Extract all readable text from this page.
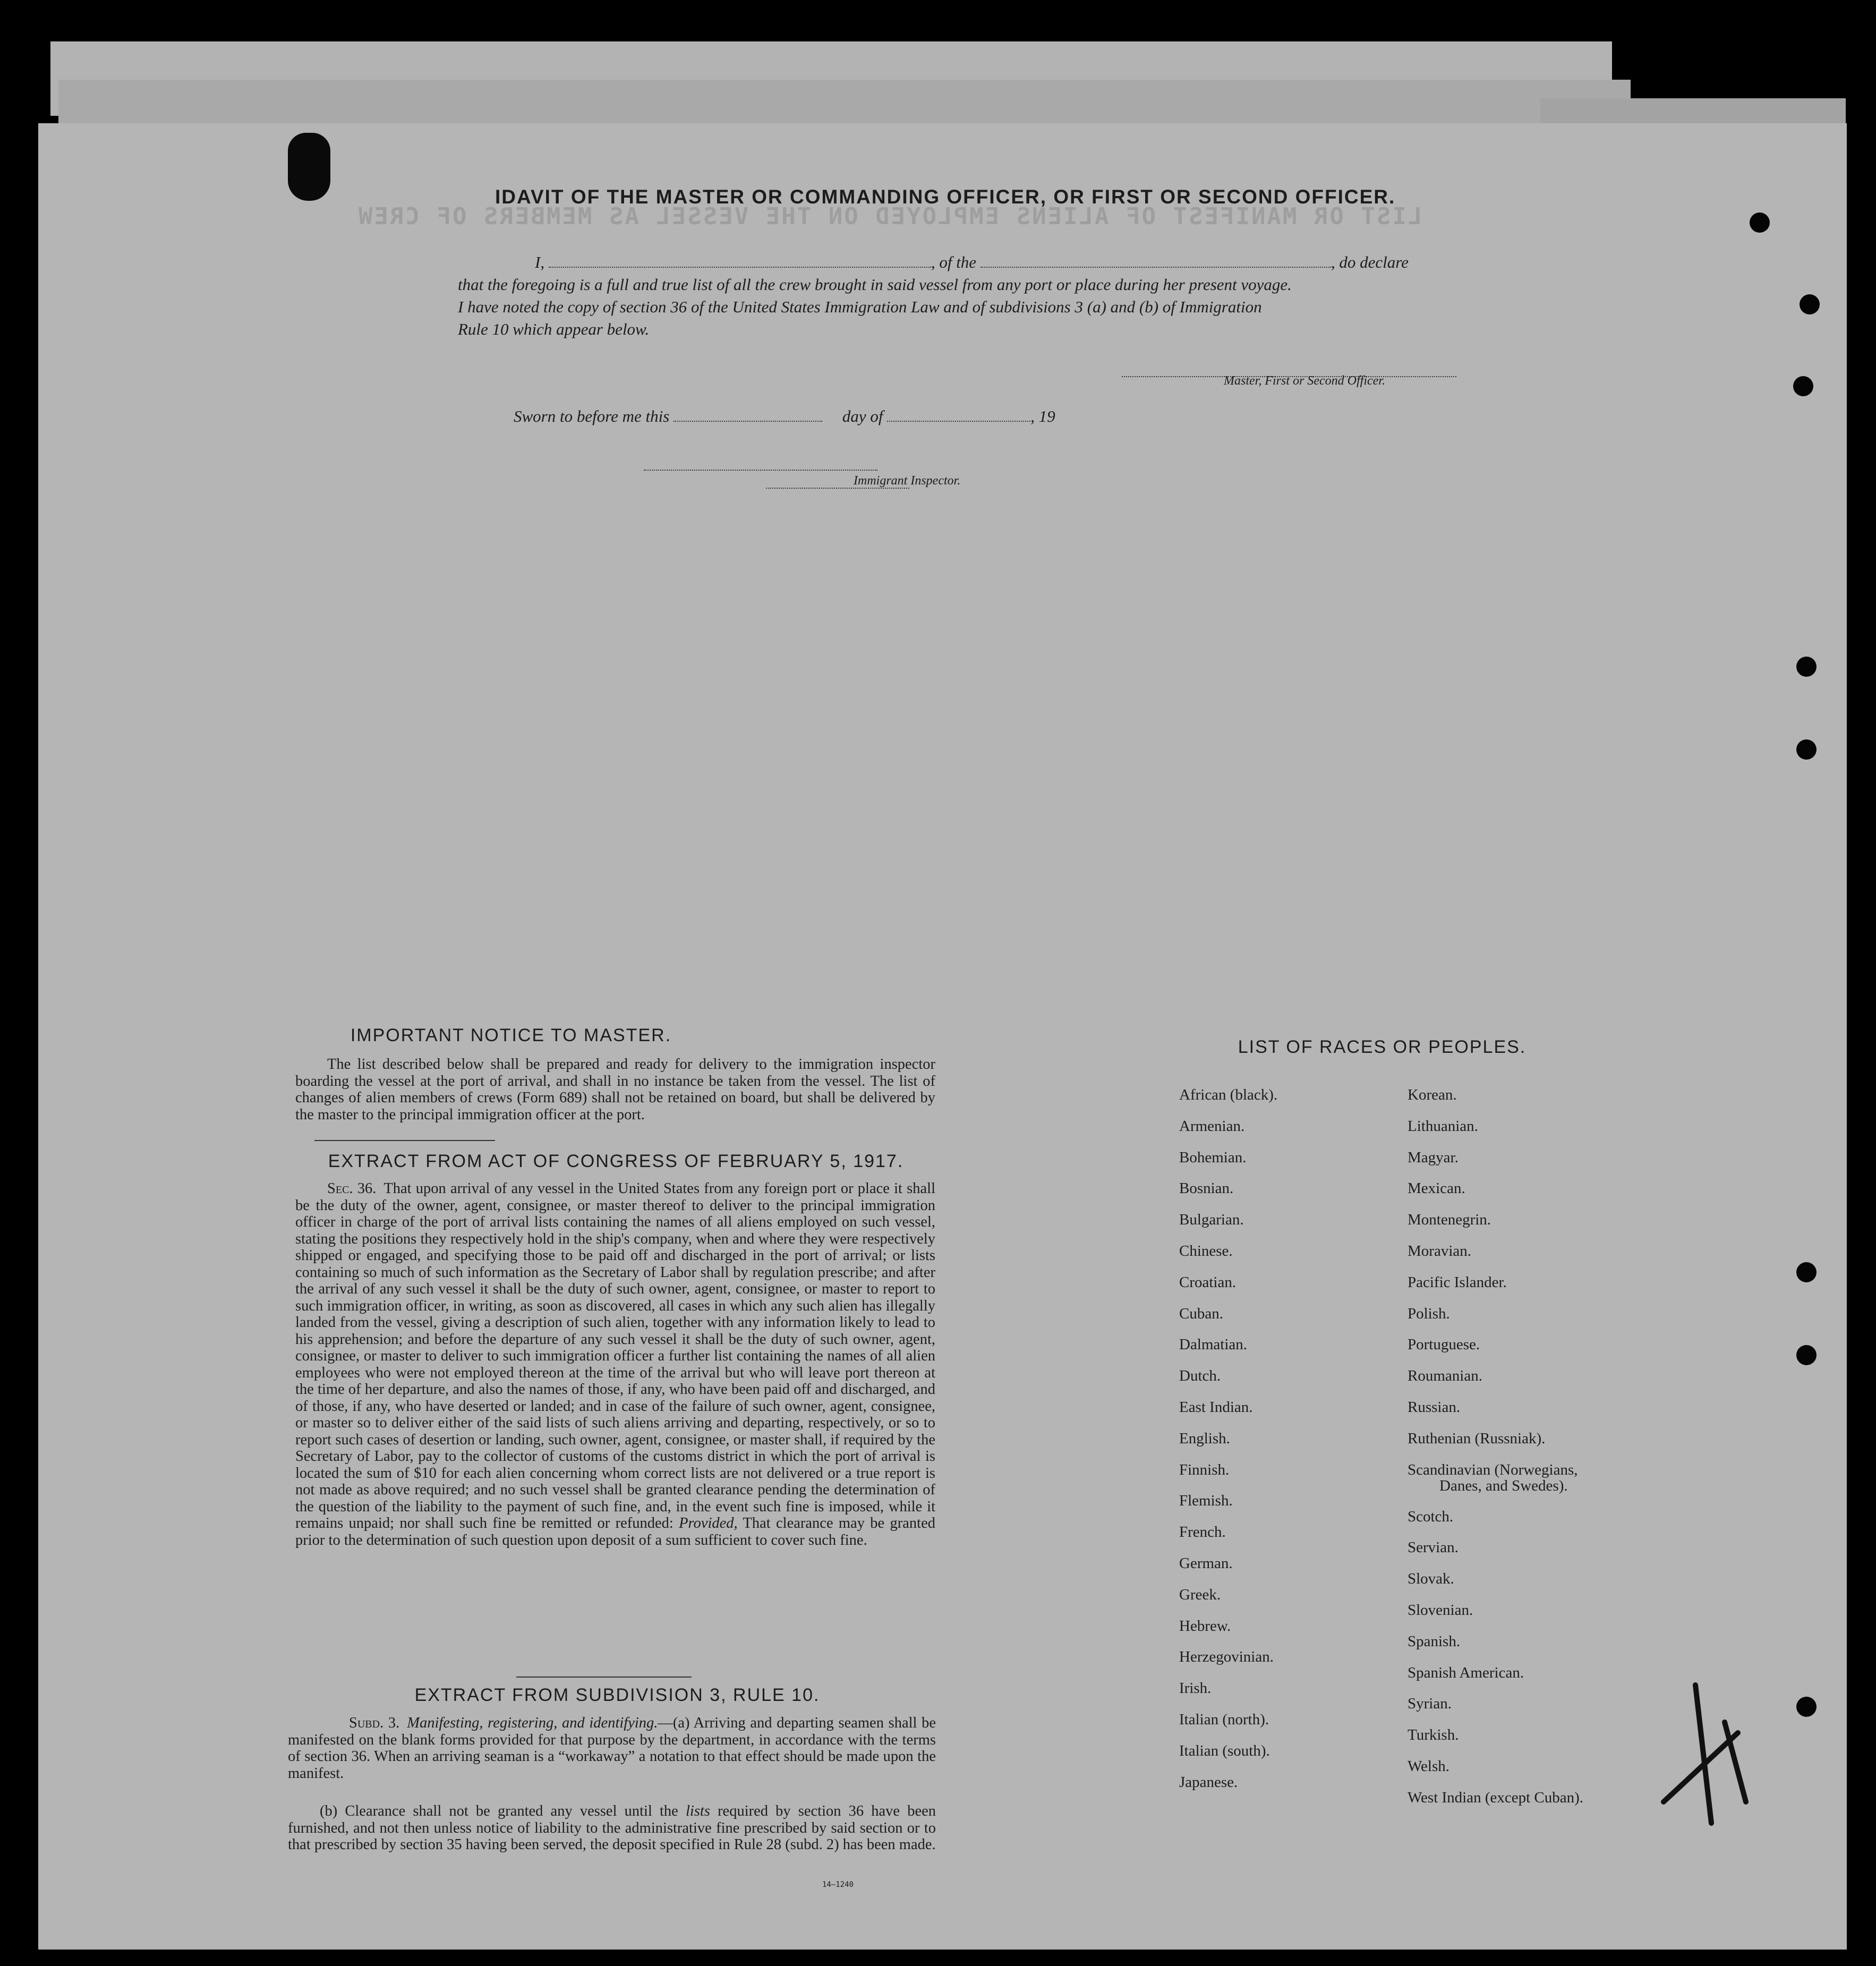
LIST OR MANIFEST OF ALIENS EMPLOYED ON THE VESSEL AS MEMBERS OF CREW
IDAVIT OF THE MASTER OR COMMANDING OFFICER, OR FIRST OR SECOND OFFICER.
I,	, of the	, do declare
that the foregoing is a full and true list of all the crew brought in said vessel from any port or place during her present voyage.
I have noted the copy of section 36 of the United States Immigration Law and of subdivisions 3 (a) and (b) of Immigration
Rule 10 which appear below.
Master, First or Second Officer.
Sworn to before me this	day of	, 19
Immigrant Inspector.
IMPORTANT NOTICE TO MASTER.
The list described below shall be prepared and ready for delivery to the immigration inspector boarding the vessel at the port of arrival, and shall in no instance be taken from the vessel. The list of changes of alien members of crews (Form 689) shall not be retained on board, but shall be delivered by the master to the principal immigration officer at the port.
EXTRACT FROM ACT OF CONGRESS OF FEBRUARY 5, 1917.
Sec. 36. That upon arrival of any vessel in the United States from any foreign port or place it shall be the duty of the owner, agent, consignee, or master thereof to deliver to the principal immigration officer in charge of the port of arrival lists containing the names of all aliens employed on such vessel, stating the positions they respectively hold in the ship's company, when and where they were respectively shipped or engaged, and specifying those to be paid off and discharged in the port of arrival; or lists containing so much of such information as the Secretary of Labor shall by regulation prescribe; and after the arrival of any such vessel it shall be the duty of such owner, agent, consignee, or master to report to such immigration officer, in writing, as soon as discovered, all cases in which any such alien has illegally landed from the vessel, giving a description of such alien, together with any information likely to lead to his apprehension; and before the departure of any such vessel it shall be the duty of such owner, agent, consignee, or master to deliver to such immigration officer a further list containing the names of all alien employees who were not employed thereon at the time of the arrival but who will leave port thereon at the time of her departure, and also the names of those, if any, who have been paid off and discharged, and of those, if any, who have deserted or landed; and in case of the failure of such owner, agent, consignee, or master so to deliver either of the said lists of such aliens arriving and departing, respectively, or so to report such cases of desertion or landing, such owner, agent, consignee, or master shall, if required by the Secretary of Labor, pay to the collector of customs of the customs district in which the port of arrival is located the sum of $10 for each alien concerning whom correct lists are not delivered or a true report is not made as above required; and no such vessel shall be granted clearance pending the determination of the question of the liability to the payment of such fine, and, in the event such fine is imposed, while it remains unpaid; nor shall such fine be remitted or refunded: Provided, That clearance may be granted prior to the determination of such question upon deposit of a sum sufficient to cover such fine.
EXTRACT FROM SUBDIVISION 3, RULE 10.
Subd. 3. Manifesting, registering, and identifying.—(a) Arriving and departing seamen shall be manifested on the blank forms provided for that purpose by the department, in accordance with the terms of section 36. When an arriving seaman is a “workaway” a notation to that effect should be made upon the manifest.
(b) Clearance shall not be granted any vessel until the lists required by section 36 have been furnished, and not then unless notice of liability to the administrative fine prescribed by said section or to that prescribed by section 35 having been served, the deposit specified in Rule 28 (subd. 2) has been made.
14—1240
LIST OF RACES OR PEOPLES.
African (black).
Armenian.
Bohemian.
Bosnian.
Bulgarian.
Chinese.
Croatian.
Cuban.
Dalmatian.
Dutch.
East Indian.
English.
Finnish.
Flemish.
French.
German.
Greek.
Hebrew.
Herzegovinian.
Irish.
Italian (north).
Italian (south).
Japanese.
Korean.
Lithuanian.
Magyar.
Mexican.
Montenegrin.
Moravian.
Pacific Islander.
Polish.
Portuguese.
Roumanian.
Russian.
Ruthenian (Russniak).
Scandinavian (Norwegians,
Danes, and Swedes).
Scotch.
Servian.
Slovak.
Slovenian.
Spanish.
Spanish American.
Syrian.
Turkish.
Welsh.
West Indian (except Cuban).
